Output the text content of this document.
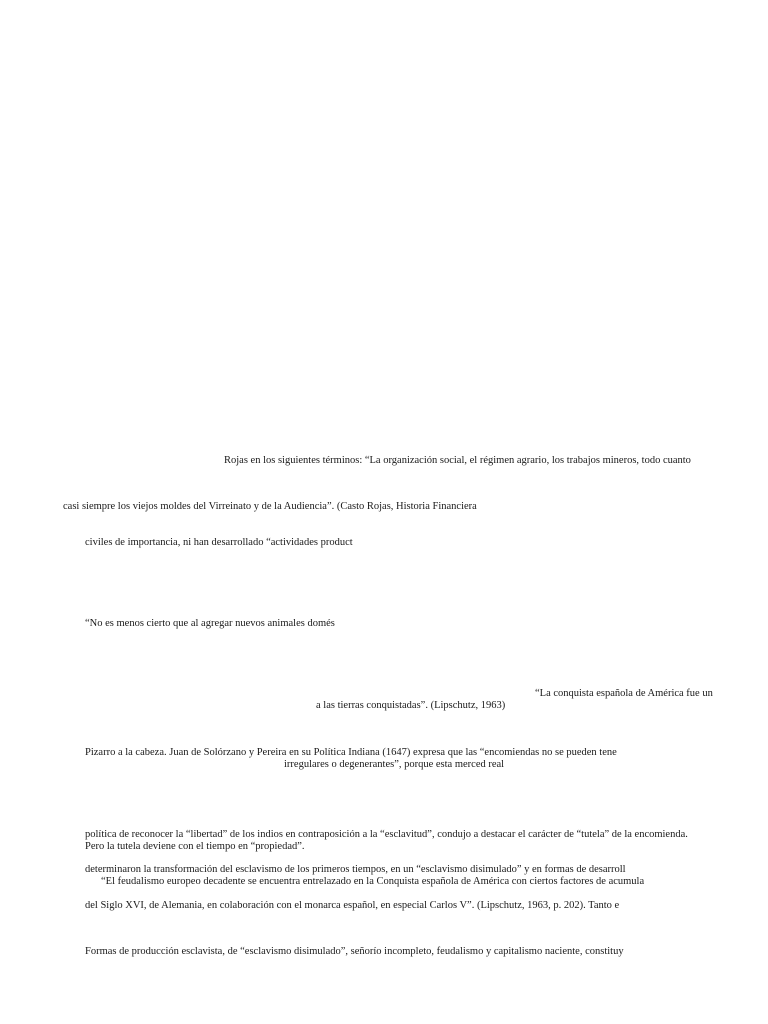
Rojas en los siguientes términos: “La organización social, el régimen agrario, los trabajos mineros, todo cuanto
casi siempre los viejos moldes del Virreinato y de la Audiencia”. (Casto Rojas, Historia Financiera
civiles de importancia, ni han desarrollado “actividades product
“No es menos cierto que al agregar nuevos animales domés
“La conquista española de América fue un
a las tierras conquistadas”. (Lipschutz, 1963)
Pizarro a la cabeza. Juan de Solórzano y Pereira en su Política Indiana (1647) expresa que las “encomiendas no se pueden tene
irregulares o degenerantes”, porque esta merced real
política de reconocer la “libertad” de los indios en contraposición a la “esclavitud”, condujo a destacar el carácter de “tutela” de la encomienda.
Pero la tutela deviene con el tiempo en “propiedad”.
determinaron la transformación del esclavismo de los primeros tiempos, en un “esclavismo disimulado” y en formas de desarroll
“El feudalismo europeo decadente se encuentra entrelazado en la Conquista española de América con ciertos factores de acumula
del Siglo XVI, de Alemania, en colaboración con el monarca español, en especial Carlos V”. (Lipschutz, 1963, p. 202). Tanto e
Formas de producción esclavista, de “esclavismo disimulado”, señorío incompleto, feudalismo y capitalismo naciente, constituy
